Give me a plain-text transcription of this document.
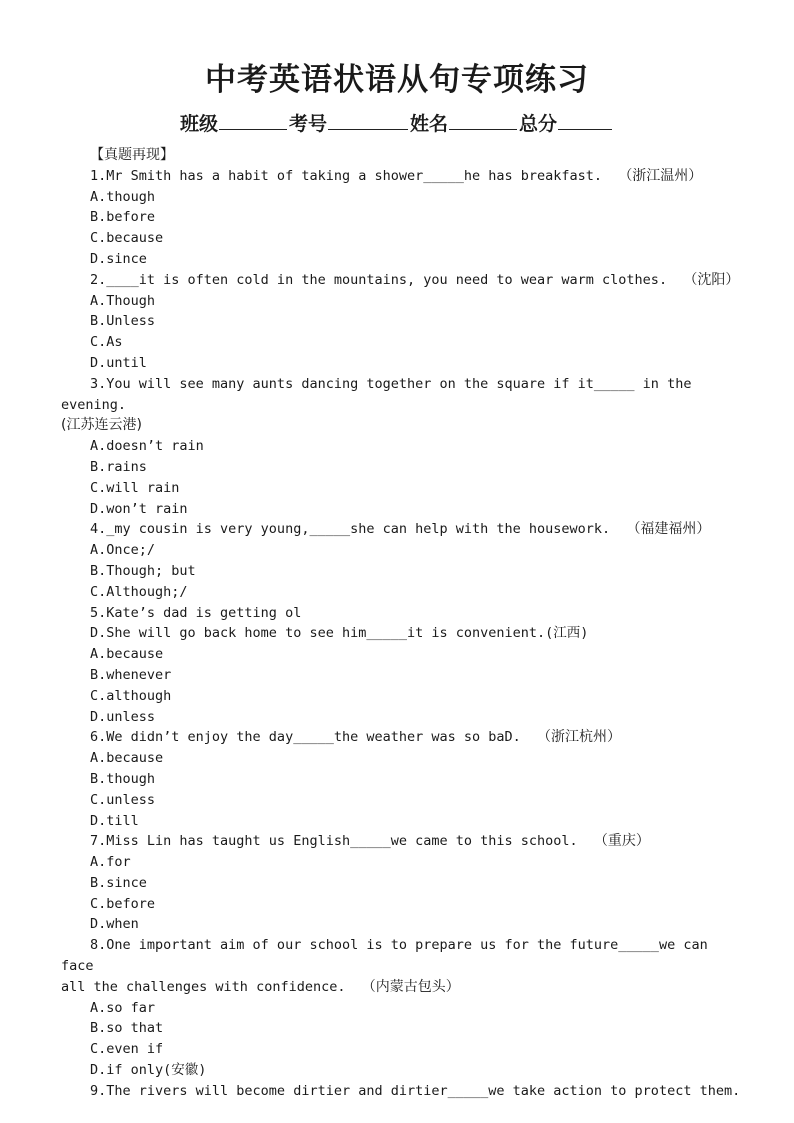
中考英语状语从句专项练习
班级	考号	姓名	总分
【真题再现】
1.Mr Smith has a habit of taking a shower_____he has breakfast.  （浙江温州）
A.though
B.before
C.because
D.since
2.____it is often cold in the mountains, you need to wear warm clothes.  （沈阳）
A.Though
B.Unless
C.As
D.until
3.You will see many aunts dancing together on the square if it_____ in the evening.
(江苏连云港)
A.doesn’t rain
B.rains
C.will rain
D.won’t rain
4._my cousin is very young,_____she can help with the housework.  （福建福州）
A.Once;/
B.Though; but
C.Although;/
5.Kate’s dad is getting ol
D.She will go back home to see him_____it is convenient.(江西)
A.because
B.whenever
C.although
D.unless
6.We didn’t enjoy the day_____the weather was so baD.  （浙江杭州）
A.because
B.though
C.unless
D.till
7.Miss Lin has taught us English_____we came to this school.  （重庆）
A.for
B.since
C.before
D.when
8.One important aim of our school is to prepare us for the future_____we can face
all the challenges with confidence.  （内蒙古包头）
A.so far
B.so that
C.even if
D.if only(安徽)
9.The rivers will become dirtier and dirtier_____we take action to protect them.
